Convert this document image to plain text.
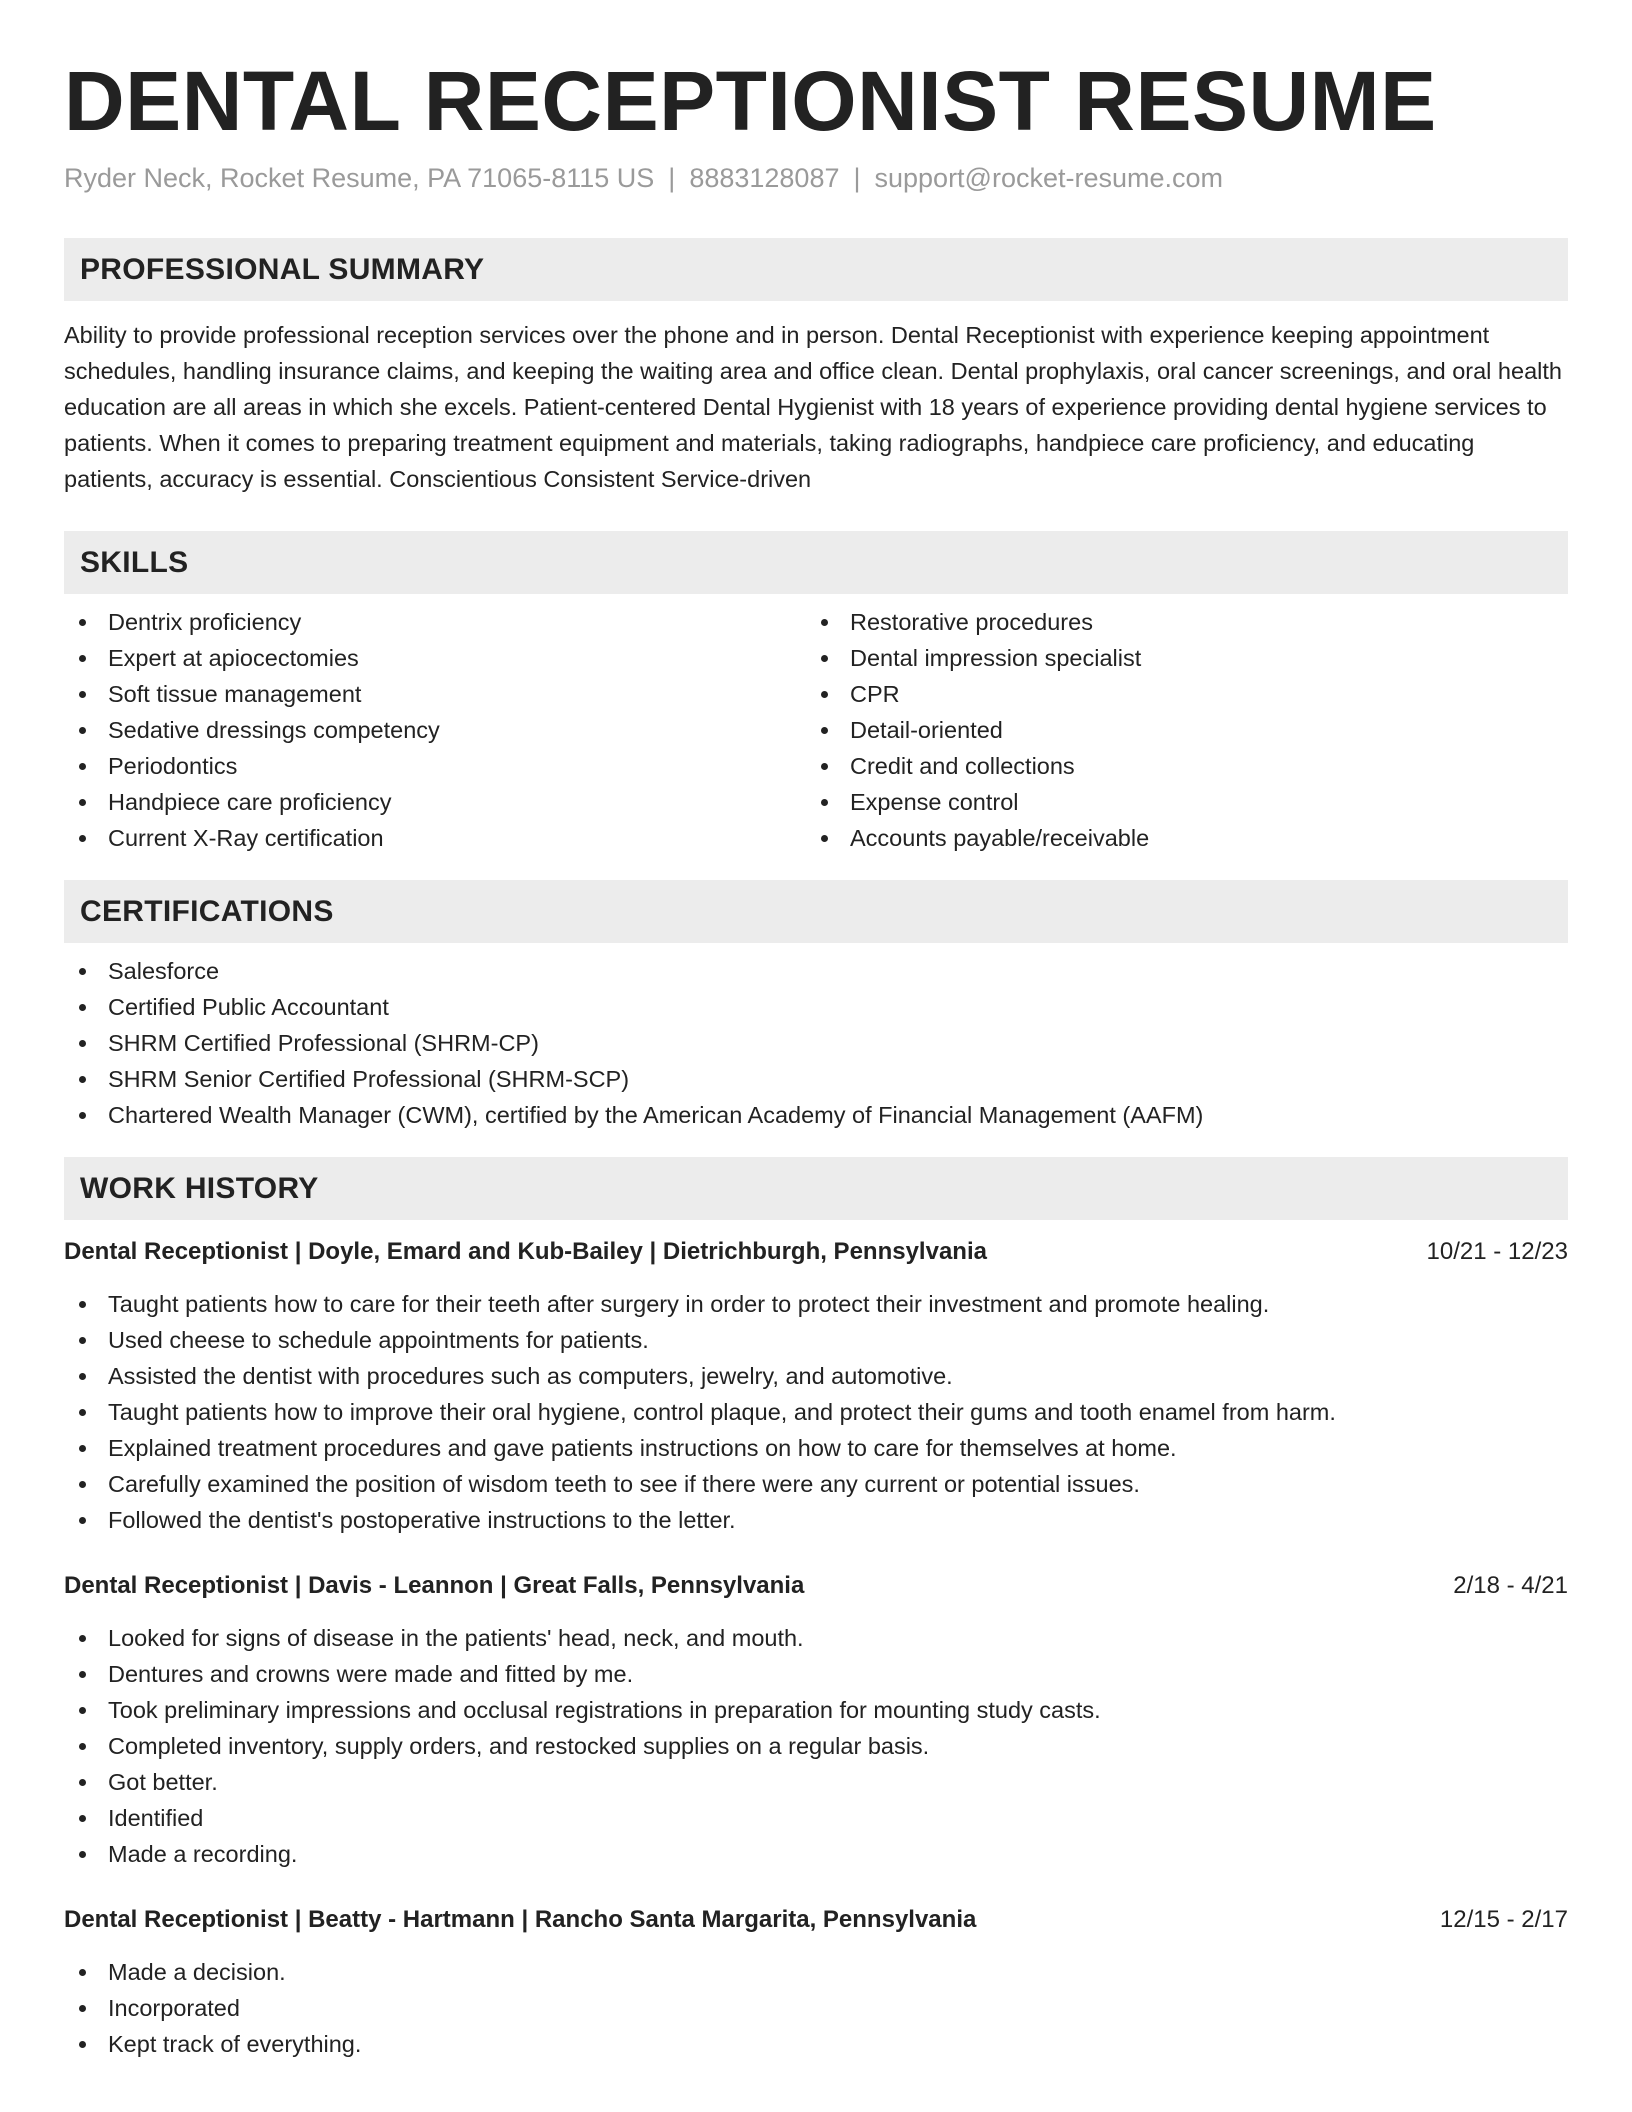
DENTAL RECEPTIONIST RESUME
Ryder Neck, Rocket Resume, PA 71065-8115 US | 8883128087 | support@rocket-resume.com
PROFESSIONAL SUMMARY

Ability to provide professional reception services over the phone and in person. Dental Receptionist with experience keeping appointment schedules, handling insurance claims, and keeping the waiting area and office clean. Dental prophylaxis, oral cancer screenings, and oral health education are all areas in which she excels. Patient-centered Dental Hygienist with 18 years of experience providing dental hygiene services to patients. When it comes to preparing treatment equipment and materials, taking radiographs, handpiece care proficiency, and educating patients, accuracy is essential. Conscientious Consistent Service-driven

SKILLS
Dentrix proficiency
Expert at apiocectomies
Soft tissue management
Sedative dressings competency
Periodontics
Handpiece care proficiency
Current X-Ray certification
Restorative procedures
Dental impression specialist
CPR
Detail-oriented
Credit and collections
Expense control
Accounts payable/receivable
CERTIFICATIONS
Salesforce
Certified Public Accountant
SHRM Certified Professional (SHRM-CP)
SHRM Senior Certified Professional (SHRM-SCP)
Chartered Wealth Manager (CWM), certified by the American Academy of Financial Management (AAFM)
WORK HISTORY
Dental Receptionist | Doyle, Emard and Kub-Bailey | Dietrichburgh, Pennsylvania	10/21 - 12/23
Taught patients how to care for their teeth after surgery in order to protect their investment and promote healing.
Used cheese to schedule appointments for patients.
Assisted the dentist with procedures such as computers, jewelry, and automotive.
Taught patients how to improve their oral hygiene, control plaque, and protect their gums and tooth enamel from harm.
Explained treatment procedures and gave patients instructions on how to care for themselves at home.
Carefully examined the position of wisdom teeth to see if there were any current or potential issues.
Followed the dentist's postoperative instructions to the letter.
Dental Receptionist | Davis - Leannon | Great Falls, Pennsylvania	2/18 - 4/21
Looked for signs of disease in the patients' head, neck, and mouth.
Dentures and crowns were made and fitted by me.
Took preliminary impressions and occlusal registrations in preparation for mounting study casts.
Completed inventory, supply orders, and restocked supplies on a regular basis.
Got better.
Identified
Made a recording.
Dental Receptionist | Beatty - Hartmann | Rancho Santa Margarita, Pennsylvania	12/15 - 2/17
Made a decision.
Incorporated
Kept track of everything.
